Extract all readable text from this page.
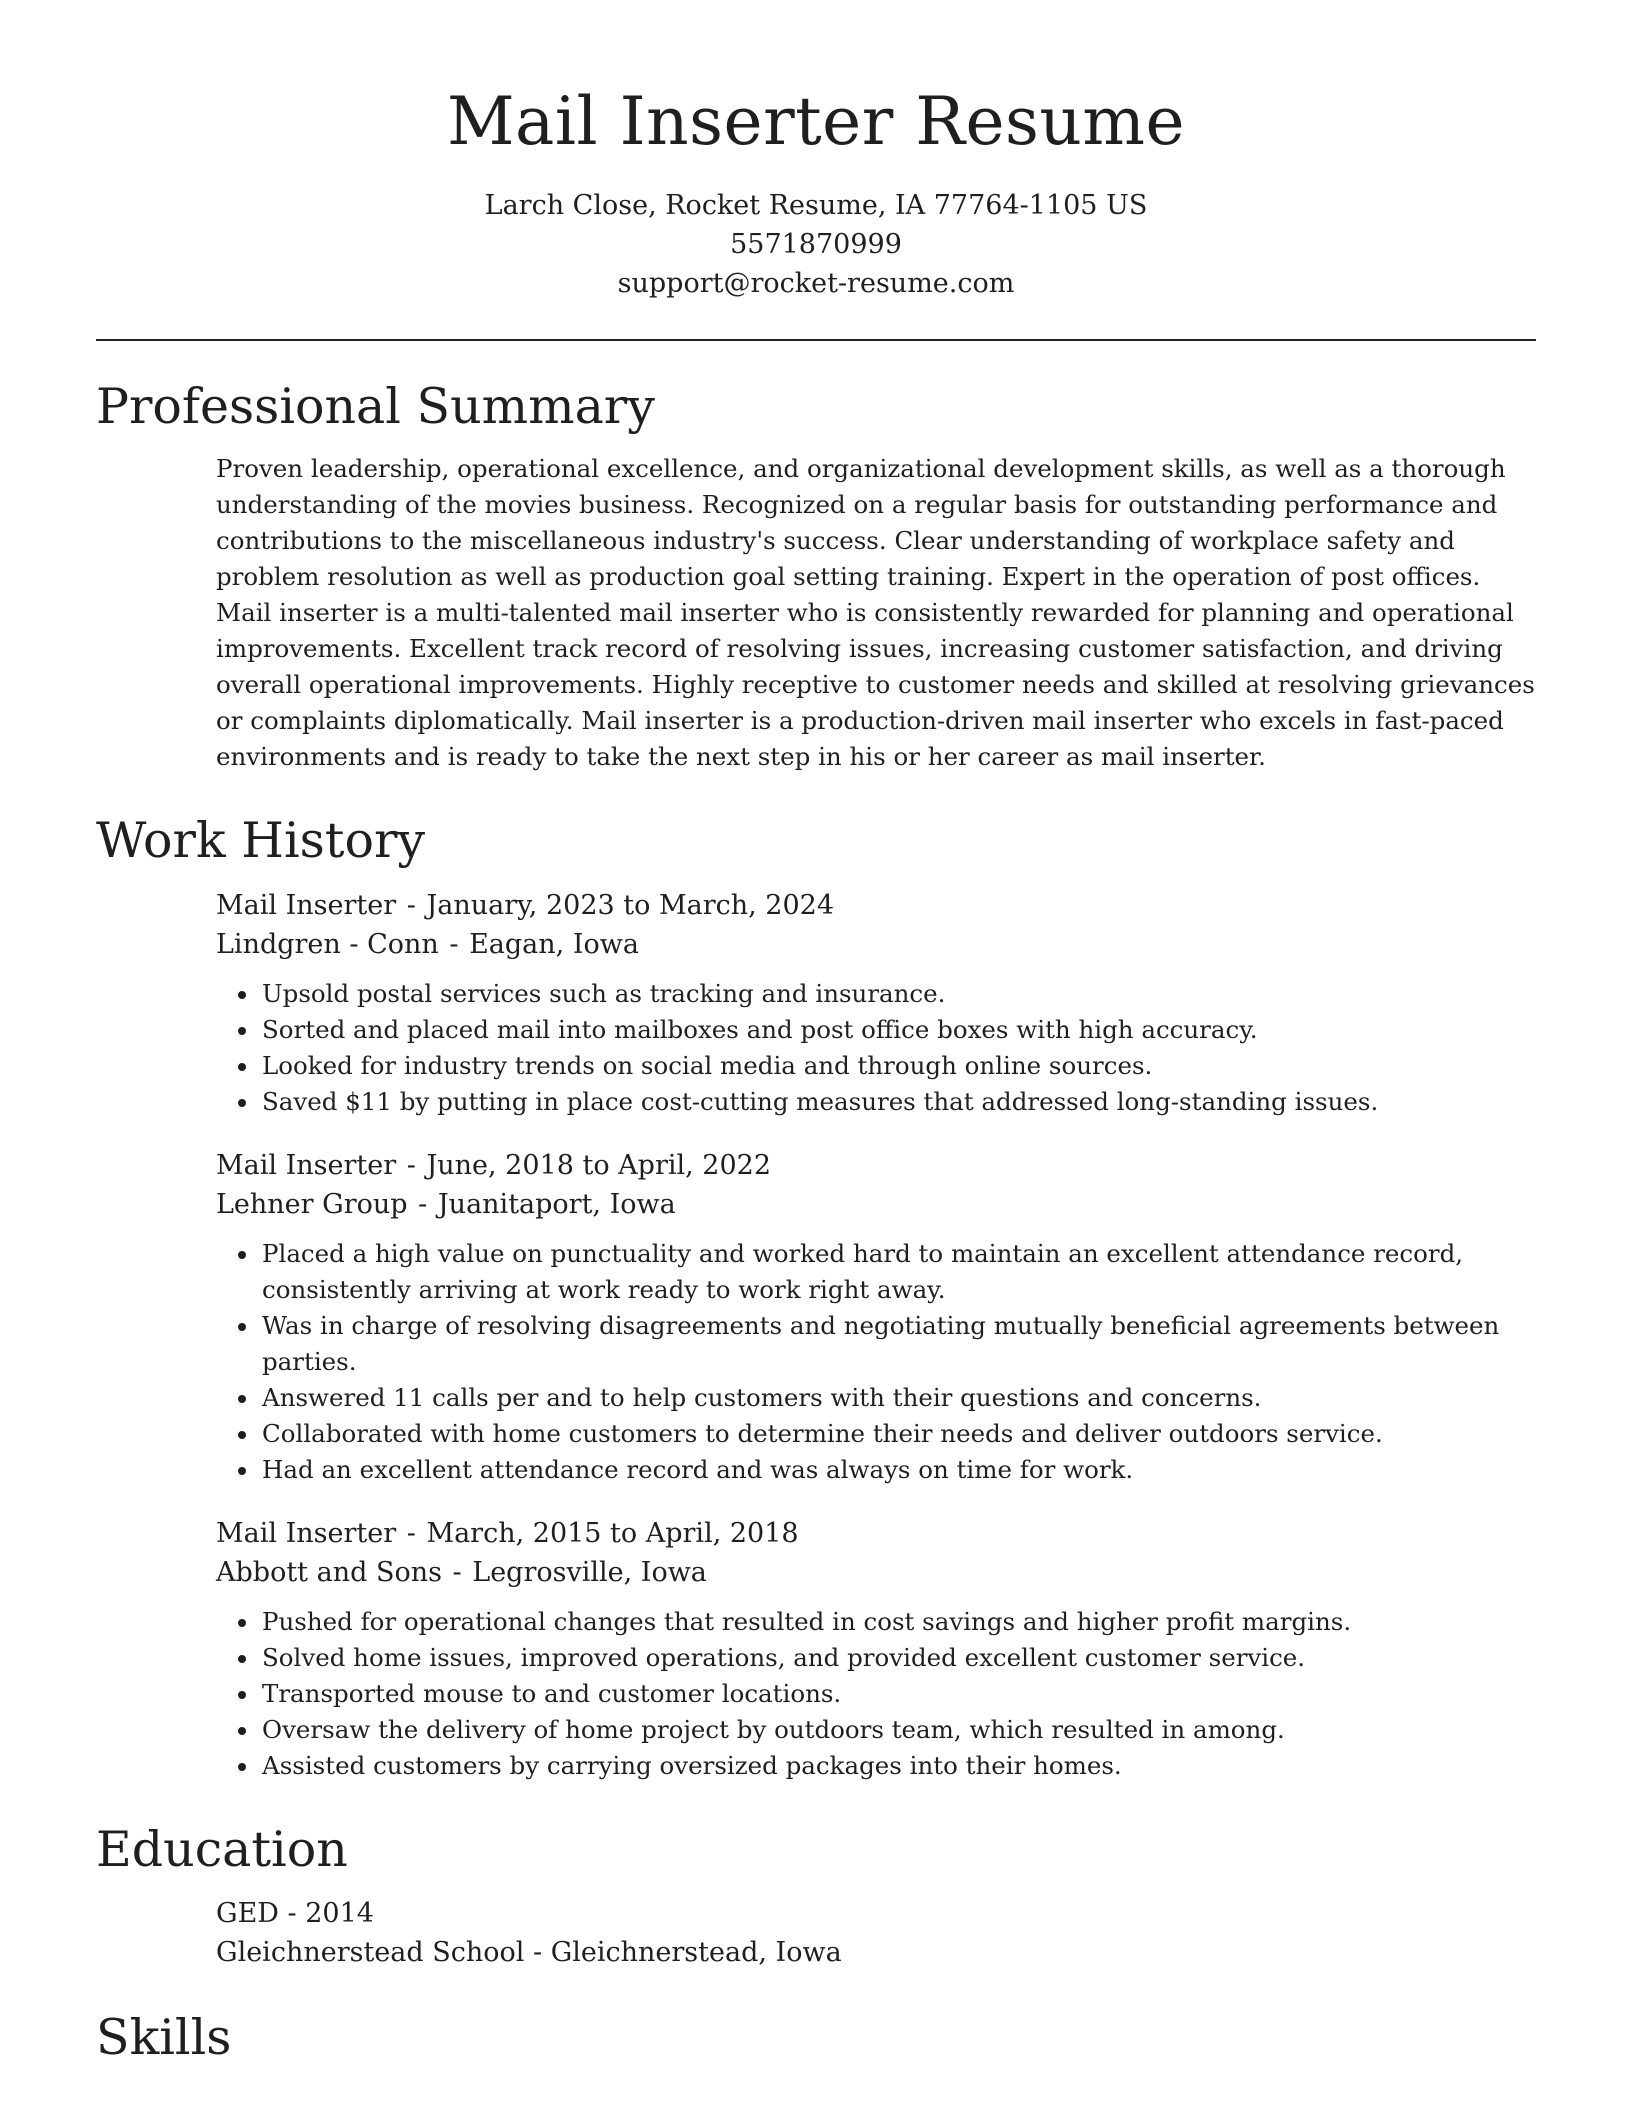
Mail Inserter Resume
Larch Close, Rocket Resume, IA 77764-1105 US
5571870999
support@rocket-resume.com
Professional Summary

Proven leadership, operational excellence, and organizational development skills, as well as a thorough understanding of the movies business. Recognized on a regular basis for outstanding performance and contributions to the miscellaneous industry's success. Clear understanding of workplace safety and problem resolution as well as production goal setting training. Expert in the operation of post offices. Mail inserter is a multi-talented mail inserter who is consistently rewarded for planning and operational improvements. Excellent track record of resolving issues, increasing customer satisfaction, and driving overall operational improvements. Highly receptive to customer needs and skilled at resolving grievances or complaints diplomatically. Mail inserter is a production-driven mail inserter who excels in fast-paced environments and is ready to take the next step in his or her career as mail inserter.

Work History
Mail Inserter - January, 2023 to March, 2024
Lindgren - Conn - Eagan, Iowa
• Upsold postal services such as tracking and insurance.
• Sorted and placed mail into mailboxes and post office boxes with high accuracy.
• Looked for industry trends on social media and through online sources.
• Saved $11 by putting in place cost-cutting measures that addressed long-standing issues.
Mail Inserter - June, 2018 to April, 2022
Lehner Group - Juanitaport, Iowa
• Placed a high value on punctuality and worked hard to maintain an excellent attendance record, consistently arriving at work ready to work right away.
• Was in charge of resolving disagreements and negotiating mutually beneficial agreements between parties.
• Answered 11 calls per and to help customers with their questions and concerns.
• Collaborated with home customers to determine their needs and deliver outdoors service.
• Had an excellent attendance record and was always on time for work.
Mail Inserter - March, 2015 to April, 2018
Abbott and Sons - Legrosville, Iowa
• Pushed for operational changes that resulted in cost savings and higher profit margins.
• Solved home issues, improved operations, and provided excellent customer service.
• Transported mouse to and customer locations.
• Oversaw the delivery of home project by outdoors team, which resulted in among.
• Assisted customers by carrying oversized packages into their homes.
Education
GED - 2014
Gleichnerstead School - Gleichnerstead, Iowa
Skills
